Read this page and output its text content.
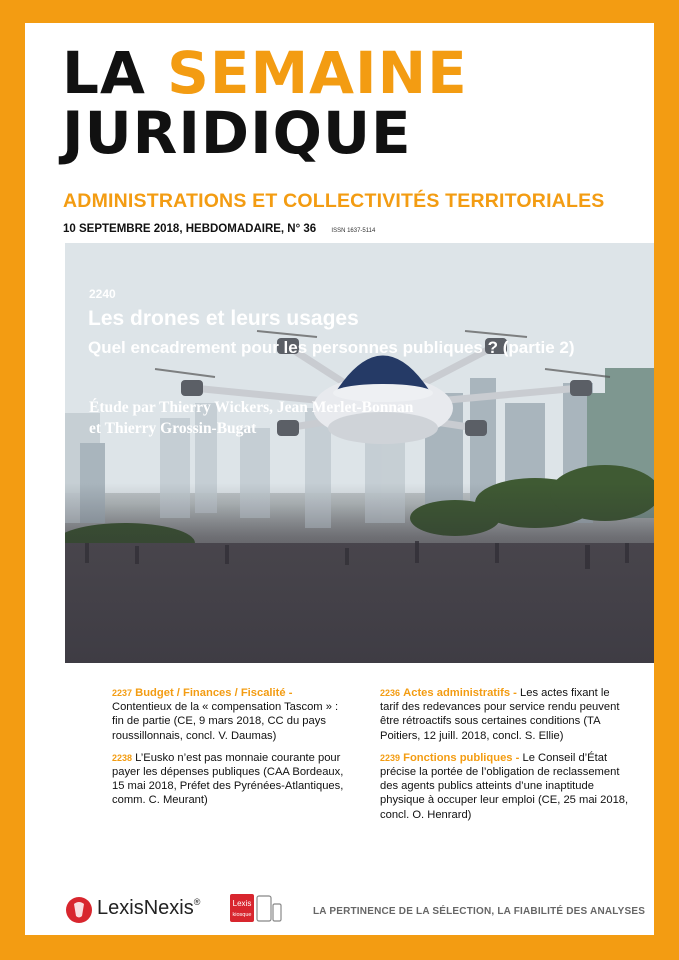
LA SEMAINE
JURIDIQUE
ADMINISTRATIONS ET COLLECTIVITÉS TERRITORIALES
10 SEPTEMBRE 2018, HEBDOMADAIRE, N° 36	ISSN 1637-5114
2240
Les drones et leurs usages
Quel encadrement pour les personnes publiques ? (partie 2)
Étude par Thierry Wickers, Jean Merlet-Bonnan
et Thierry Grossin-Bugat
2237 Budget / Finances / Fiscalité - Contentieux de la « compensation Tascom » : fin de partie (CE, 9 mars 2018, CC du pays roussillonnais, concl. V. Daumas)
2238 L’Eusko n’est pas monnaie courante pour payer les dépenses publiques (CAA Bordeaux, 15 mai 2018, Préfet des Pyrénées-Atlantiques, comm. C. Meurant)
2236 Actes administratifs - Les actes fixant le tarif des redevances pour service rendu peuvent être rétroactifs sous certaines conditions (TA Poitiers, 12 juill. 2018, concl. S. Ellie)
2239 Fonctions publiques - Le Conseil d’État précise la portée de l’obligation de reclassement des agents publics atteints d’une inaptitude physique à occuper leur emploi (CE, 25 mai 2018, concl. O. Henrard)
LexisNexis®	Lexis
kiosque	LA PERTINENCE DE LA SÉLECTION, LA FIABILITÉ DES ANALYSES
